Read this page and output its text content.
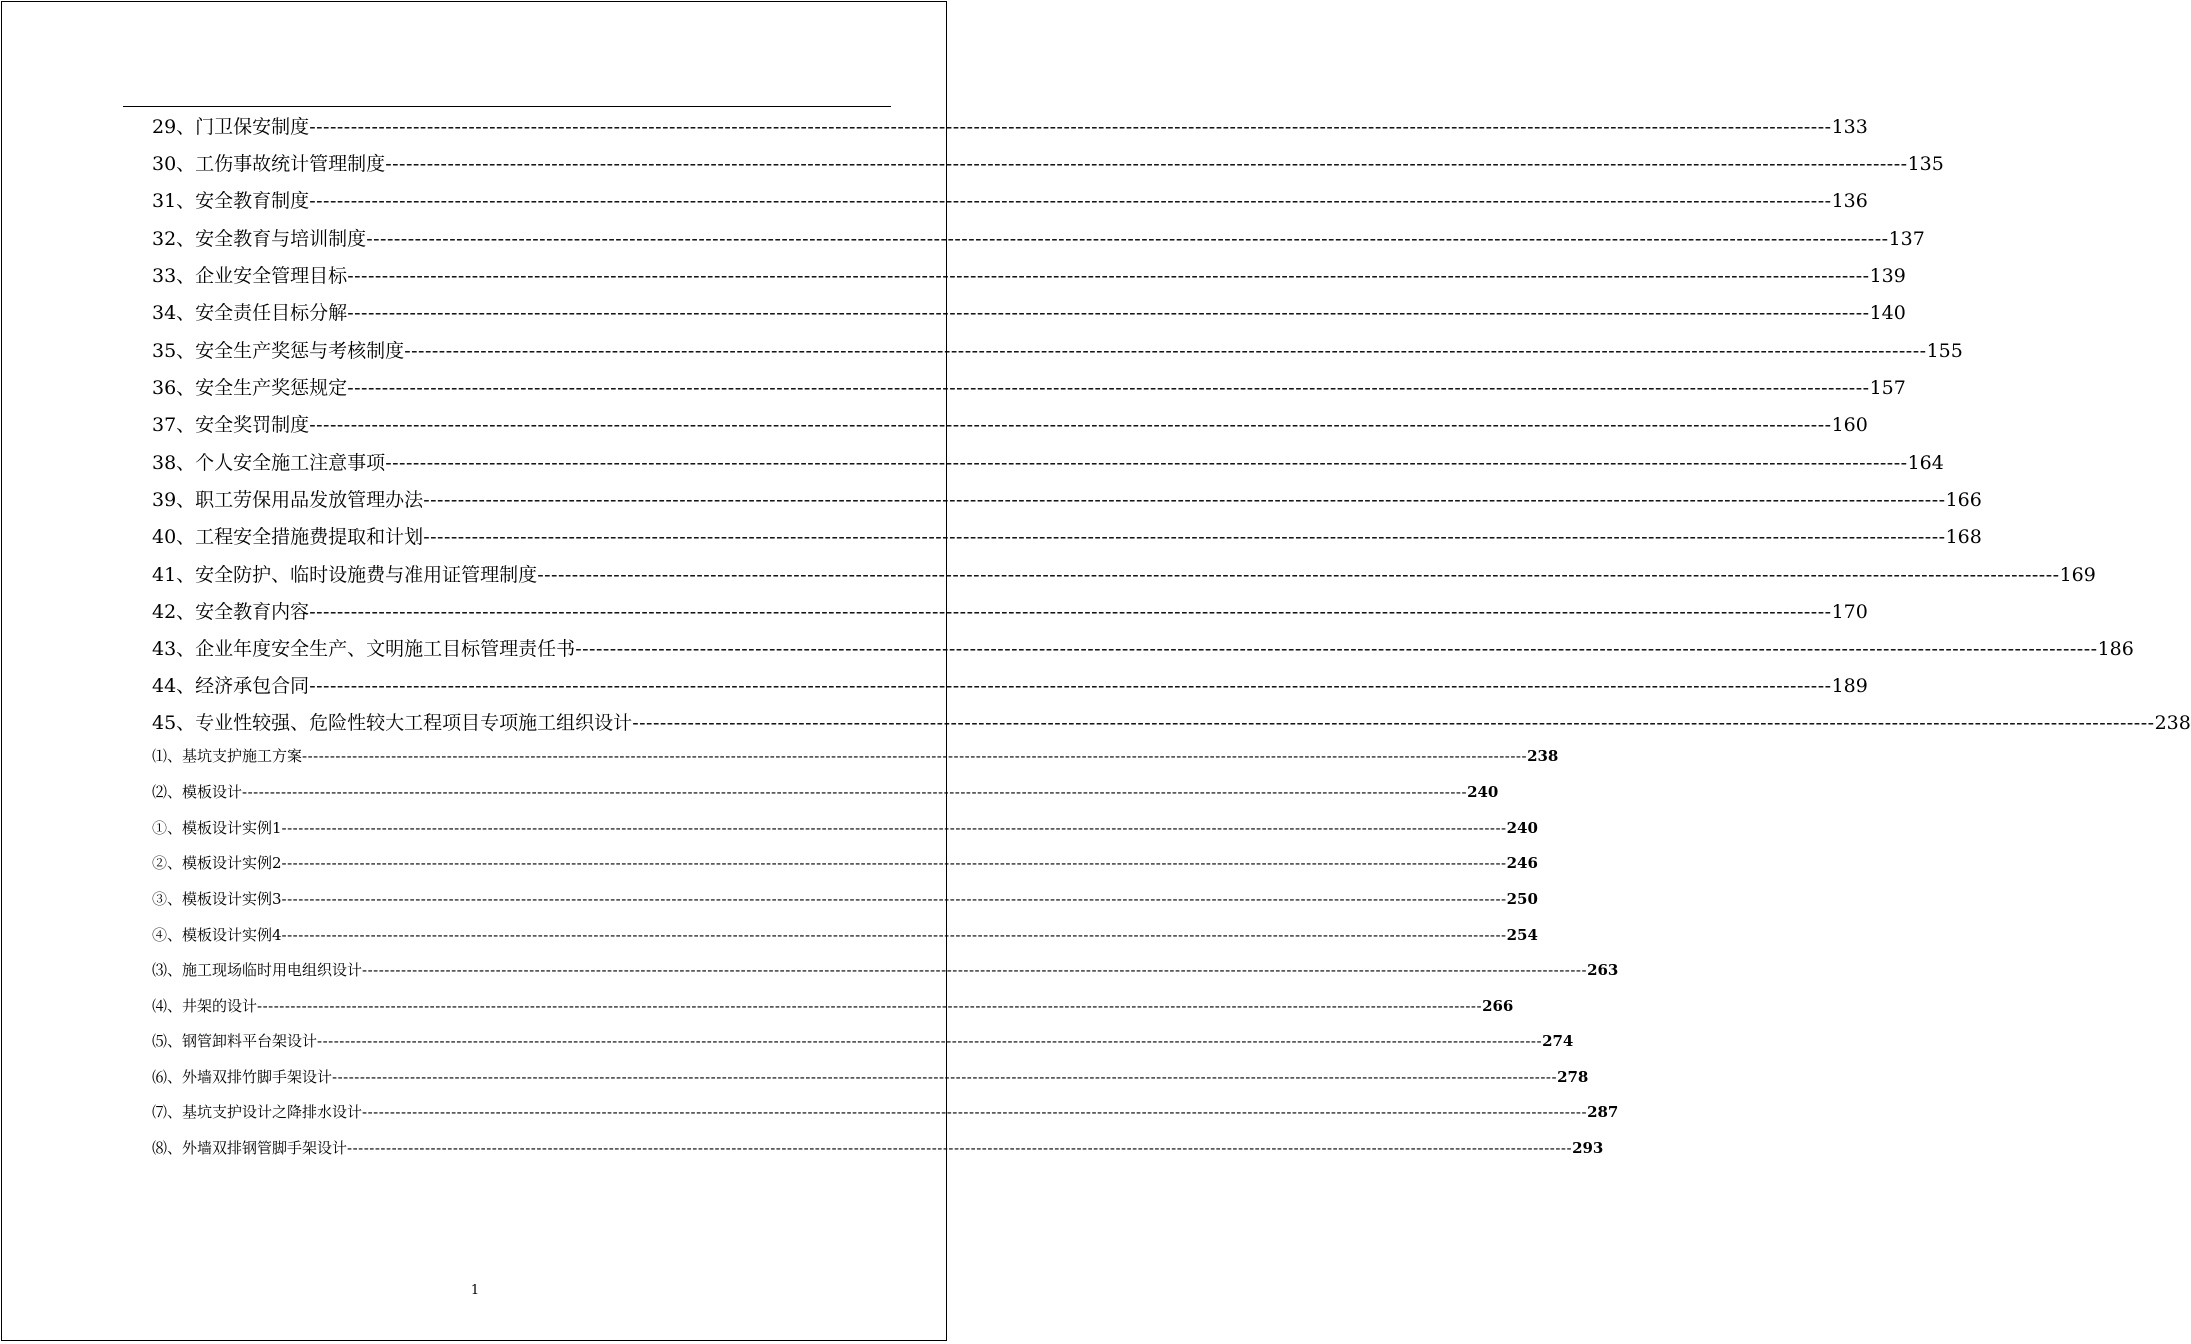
29、门卫保安制度 ---------------------------------------------------------------------------------------------------------------------------------------------------------------------------------------------------------------------------- 133
30、工伤事故统计管理制度 ---------------------------------------------------------------------------------------------------------------------------------------------------------------------------------------------------------------------------- 135
31、安全教育制度 ---------------------------------------------------------------------------------------------------------------------------------------------------------------------------------------------------------------------------- 136
32、安全教育与培训制度 ---------------------------------------------------------------------------------------------------------------------------------------------------------------------------------------------------------------------------- 137
33、企业安全管理目标 ---------------------------------------------------------------------------------------------------------------------------------------------------------------------------------------------------------------------------- 139
34、安全责任目标分解 ---------------------------------------------------------------------------------------------------------------------------------------------------------------------------------------------------------------------------- 140
35、安全生产奖惩与考核制度 ---------------------------------------------------------------------------------------------------------------------------------------------------------------------------------------------------------------------------- 155
36、安全生产奖惩规定 ---------------------------------------------------------------------------------------------------------------------------------------------------------------------------------------------------------------------------- 157
37、安全奖罚制度 ---------------------------------------------------------------------------------------------------------------------------------------------------------------------------------------------------------------------------- 160
38、个人安全施工注意事项 ---------------------------------------------------------------------------------------------------------------------------------------------------------------------------------------------------------------------------- 164
39、职工劳保用品发放管理办法 ---------------------------------------------------------------------------------------------------------------------------------------------------------------------------------------------------------------------------- 166
40、工程安全措施费提取和计划 ---------------------------------------------------------------------------------------------------------------------------------------------------------------------------------------------------------------------------- 168
41、安全防护、临时设施费与准用证管理制度 ---------------------------------------------------------------------------------------------------------------------------------------------------------------------------------------------------------------------------- 169
42、安全教育内容 ---------------------------------------------------------------------------------------------------------------------------------------------------------------------------------------------------------------------------- 170
43、企业年度安全生产、文明施工目标管理责任书 ---------------------------------------------------------------------------------------------------------------------------------------------------------------------------------------------------------------------------- 186
44、经济承包合同 ---------------------------------------------------------------------------------------------------------------------------------------------------------------------------------------------------------------------------- 189
45、专业性较强、危险性较大工程项目专项施工组织设计 ---------------------------------------------------------------------------------------------------------------------------------------------------------------------------------------------------------------------------- 238
⑴、基坑支护施工方案 ---------------------------------------------------------------------------------------------------------------------------------------------------------------------------------------------------------------------------- 238
⑵、模板设计 ---------------------------------------------------------------------------------------------------------------------------------------------------------------------------------------------------------------------------- 240
①、模板设计实例1 ---------------------------------------------------------------------------------------------------------------------------------------------------------------------------------------------------------------------------- 240
②、模板设计实例2 ---------------------------------------------------------------------------------------------------------------------------------------------------------------------------------------------------------------------------- 246
③、模板设计实例3 ---------------------------------------------------------------------------------------------------------------------------------------------------------------------------------------------------------------------------- 250
④、模板设计实例4 ---------------------------------------------------------------------------------------------------------------------------------------------------------------------------------------------------------------------------- 254
⑶、施工现场临时用电组织设计 ---------------------------------------------------------------------------------------------------------------------------------------------------------------------------------------------------------------------------- 263
⑷、井架的设计 ---------------------------------------------------------------------------------------------------------------------------------------------------------------------------------------------------------------------------- 266
⑸、钢管卸料平台架设计 ---------------------------------------------------------------------------------------------------------------------------------------------------------------------------------------------------------------------------- 274
⑹、外墙双排竹脚手架设计 ---------------------------------------------------------------------------------------------------------------------------------------------------------------------------------------------------------------------------- 278
⑺、基坑支护设计之降排水设计 ---------------------------------------------------------------------------------------------------------------------------------------------------------------------------------------------------------------------------- 287
⑻、外墙双排钢管脚手架设计 ---------------------------------------------------------------------------------------------------------------------------------------------------------------------------------------------------------------------------- 293
1
